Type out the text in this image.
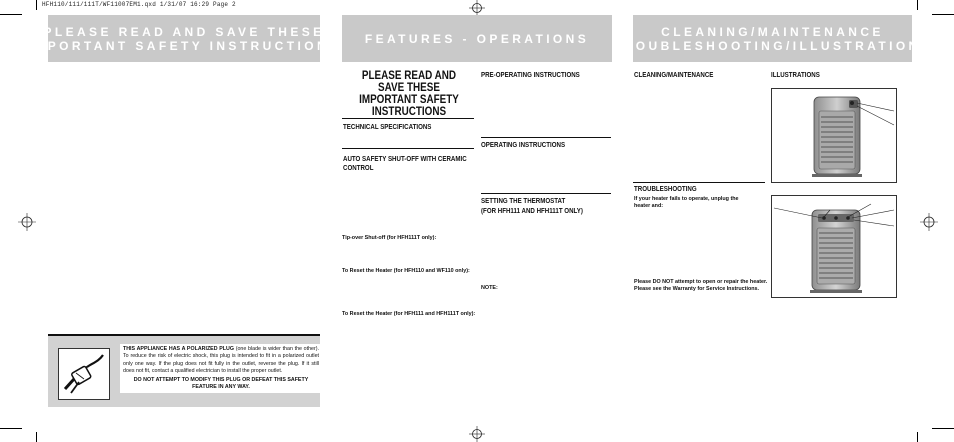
HFH110/111/111T/WF11007EM1.qxd 1/31/07 16:29 Page 2
PLEASE READ AND SAVE THESE
IMPORTANT SAFETY INSTRUCTIONS
THIS APPLIANCE HAS A POLARIZED PLUG (one blade is wider than the other). To reduce the risk of electric shock, this plug is intended to fit in a polarized outlet only one way. If the plug does not fit fully in the outlet, reverse the plug. If it still does not fit, contact a qualified electrician to install the proper outlet.
DO NOT ATTEMPT TO MODIFY THIS PLUG OR DEFEAT THIS SAFETY FEATURE IN ANY WAY.
FEATURES - OPERATIONS
PLEASE READ AND SAVE THESE IMPORTANT SAFETY INSTRUCTIONS
TECHNICAL SPECIFICATIONS
AUTO SAFETY SHUT-OFF WITH CERAMIC CONTROL
Tip-over Shut-off (for HFH111T only):
To Reset the Heater (for HFH110 and WF110 only):
To Reset the Heater (for HFH111 and HFH111T only):
PRE-OPERATING INSTRUCTIONS
OPERATING INSTRUCTIONS
SETTING THE THERMOSTAT
(FOR HFH111 AND HFH111T ONLY)
NOTE:
CLEANING/MAINTENANCE
TROUBLESHOOTING/ILLUSTRATIONS
CLEANING/MAINTENANCE	ILLUSTRATIONS
TROUBLESHOOTING
If your heater fails to operate, unplug the heater and:
Please DO NOT attempt to open or repair the heater. Please see the Warranty for Service Instructions.
